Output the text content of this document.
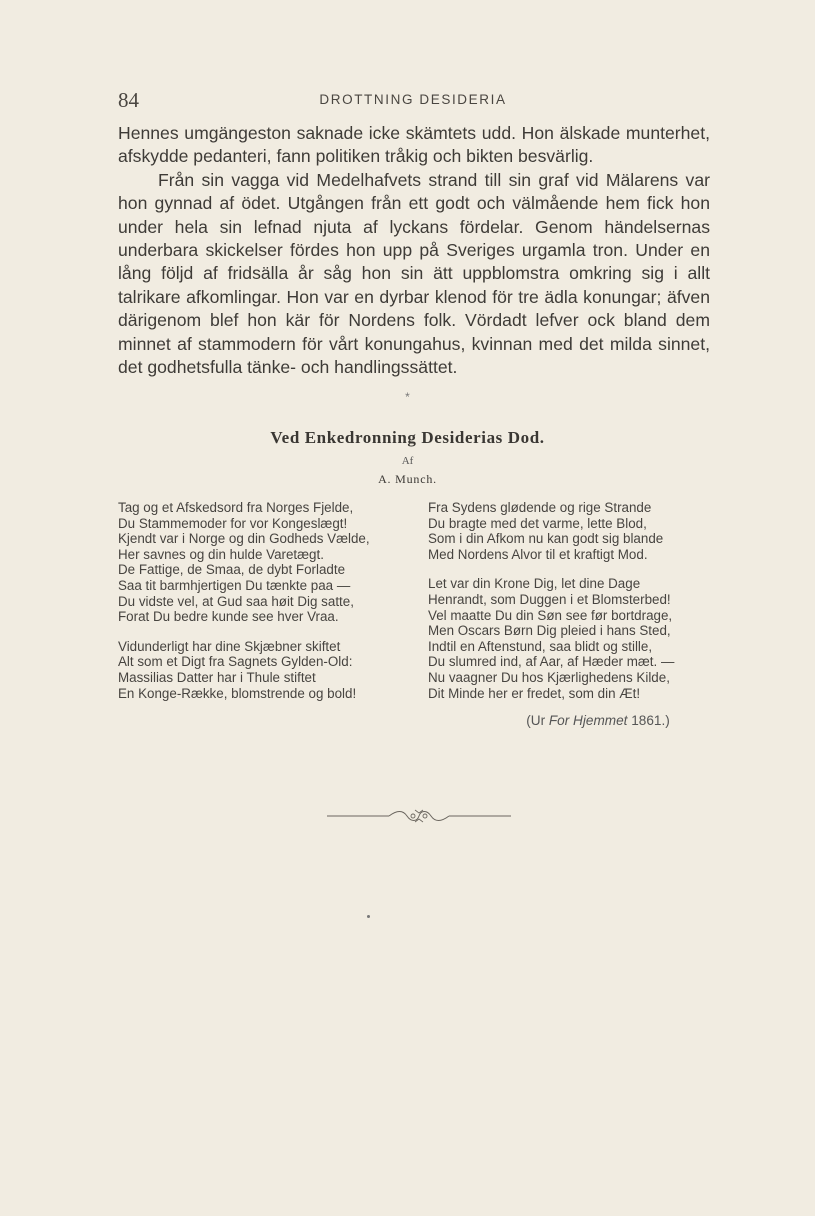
84	DROTTNING DESIDERIA

Hennes umgängeston saknade icke skämtets udd. Hon älskade munterhet, afskydde pedanteri, fann politiken tråkig och bikten besvärlig.

Från sin vagga vid Medelhafvets strand till sin graf vid Mälarens var hon gynnad af ödet. Utgången från ett godt och välmående hem fick hon under hela sin lefnad njuta af lyckans fördelar. Genom händelsernas underbara skickelser fördes hon upp på Sveriges urgamla tron. Under en lång följd af fridsälla år såg hon sin ätt uppblomstra omkring sig i allt talrikare afkomlingar. Hon var en dyrbar klenod för tre ädla konungar; äfven därigenom blef hon kär för Nordens folk. Vördadt lefver ock bland dem minnet af stammodern för vårt konungahus, kvinnan med det milda sinnet, det godhetsfulla tänke- och handlingssättet.

*
Ved Enkedronning Desiderias Dod.
Af
A. Munch.
Tag og et Afskedsord fra Norges Fjelde,
Du Stammemoder for vor Kongeslægt!
Kjendt var i Norge og din Godheds Vælde,
Her savnes og din hulde Varetægt.
De Fattige, de Smaa, de dybt Forladte
Saa tit barmhjertigen Du tænkte paa —
Du vidste vel, at Gud saa høit Dig satte,
Forat Du bedre kunde see hver Vraa.
Vidunderligt har dine Skjæbner skiftet
Alt som et Digt fra Sagnets Gylden-Old:
Massilias Datter har i Thule stiftet
En Konge-Række, blomstrende og bold!
Fra Sydens glødende og rige Strande
Du bragte med det varme, lette Blod,
Som i din Afkom nu kan godt sig blande
Med Nordens Alvor til et kraftigt Mod.
Let var din Krone Dig, let dine Dage
Henrandt, som Duggen i et Blomsterbed!
Vel maatte Du din Søn see før bortdrage,
Men Oscars Børn Dig pleied i hans Sted,
Indtil en Aftenstund, saa blidt og stille,
Du slumred ind, af Aar, af Hæder mæt. —
Nu vaagner Du hos Kjærlighedens Kilde,
Dit Minde her er fredet, som din Æt!
(Ur For Hjemmet 1861.)
